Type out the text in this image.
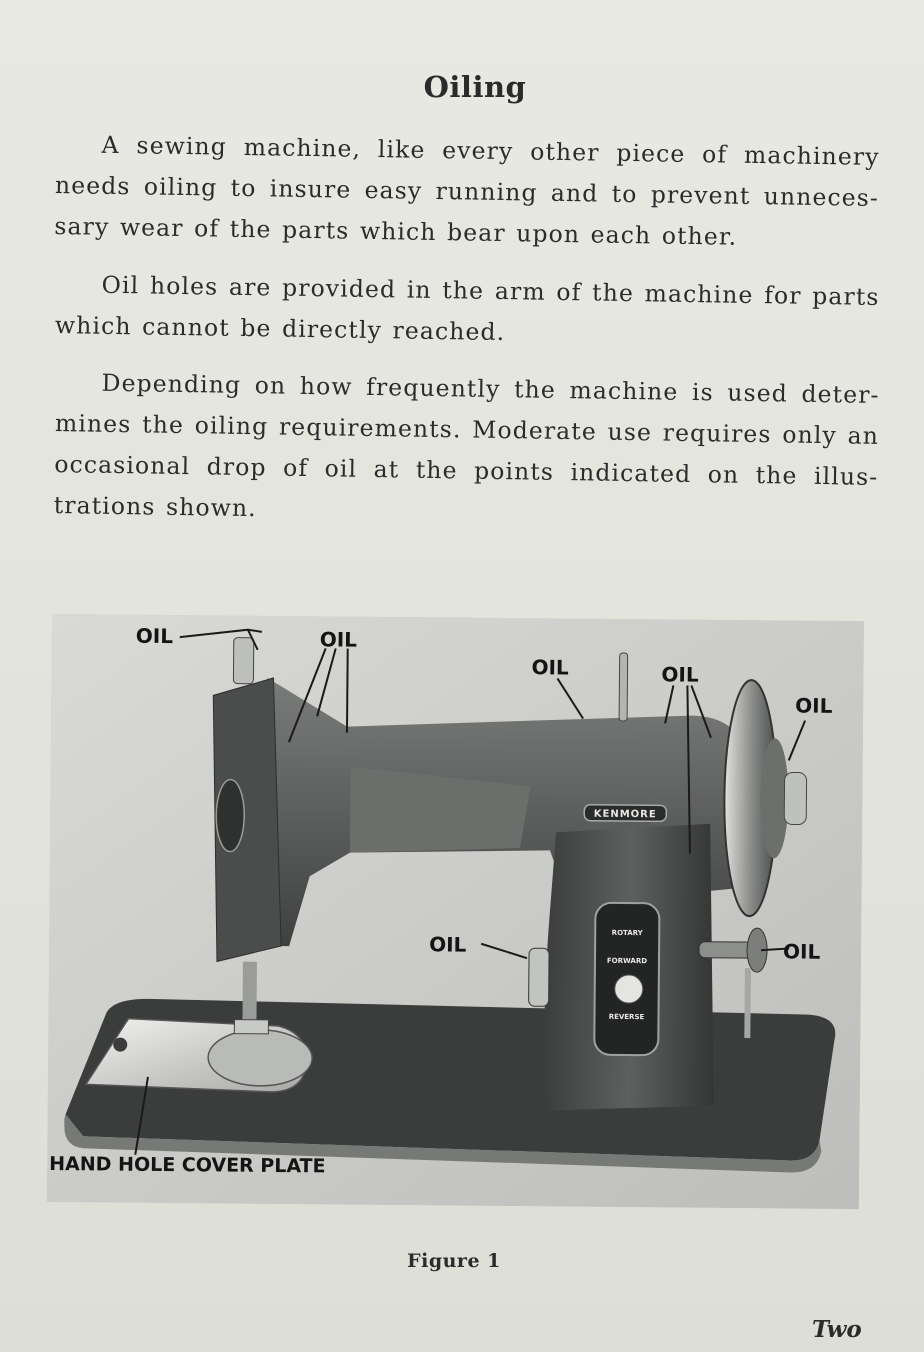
Oiling
A sewing machine, like every other piece of machinery
needs oiling to insure easy running and to prevent unneces-
sary wear of the parts which bear upon each other.
Oil holes are provided in the arm of the machine for parts
which cannot be directly reached.
Depending on how frequently the machine is used deter-
mines the oiling requirements. Moderate use requires only an
occasional drop of oil at the points indicated on the illus-
trations shown.
KENMORE
ROTARY
FORWARD
REVERSE
OIL	OIL
OIL	OIL
OIL
OIL	OIL
HAND HOLE COVER PLATE
Figure 1
Two
